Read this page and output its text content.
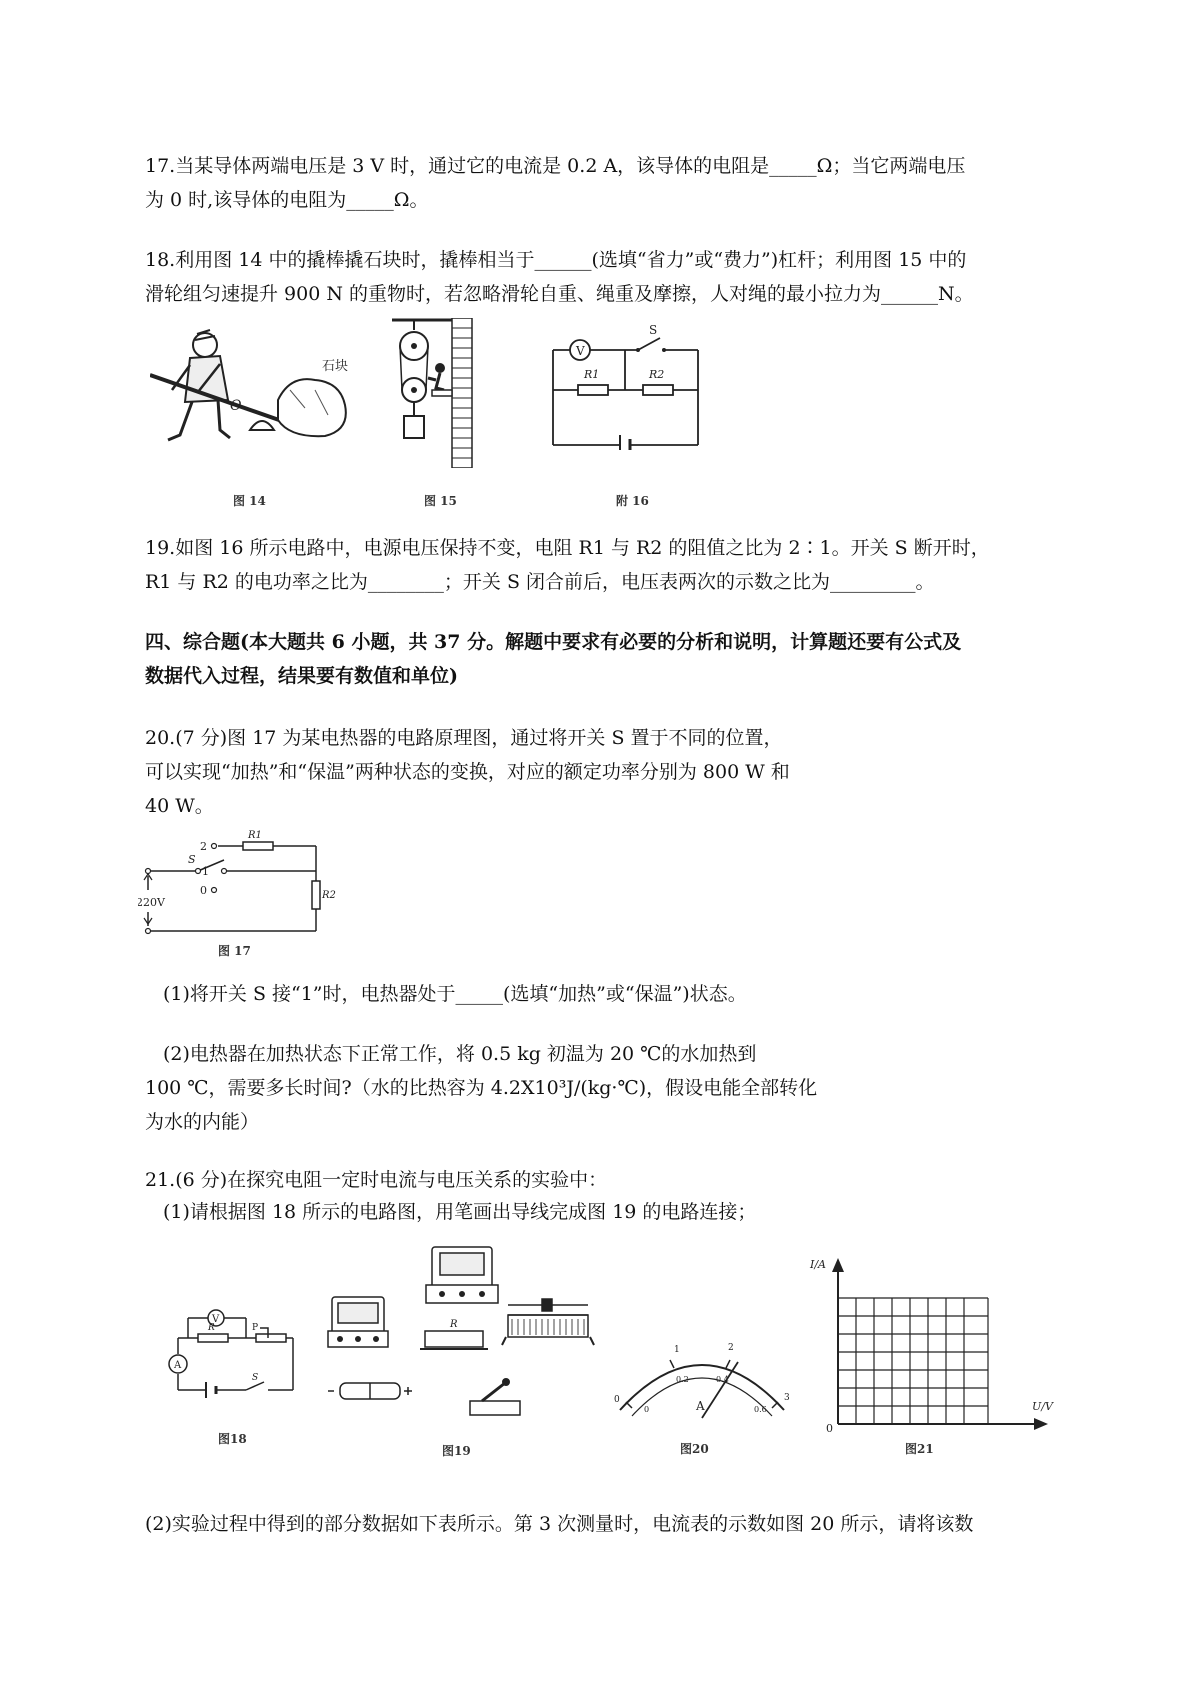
17.当某导体两端电压是 3 V 时，通过它的电流是 0.2 A，该导体的电阻是_____Ω；当它两端电压

为 0 时,该导体的电阻为_____Ω。

18.利用图 14 中的撬棒撬石块时，撬棒相当于______(选填“省力”或“费力”)杠杆；利用图 15 中的

滑轮组匀速提升 900 N 的重物时，若忽略滑轮自重、绳重及摩擦，人对绳的最小拉力为______N。

O
石块
图 14	图 15
V
S
R1	R2
附 16

19.如图 16 所示电路中，电源电压保持不变，电阻 R1 与 R2 的阻值之比为 2∶1。开关 S 断开时，

R1 与 R2 的电功率之比为________；开关 S 闭合前后，电压表两次的示数之比为_________。

四、综合题(本大题共 6 小题，共 37 分。解题中要求有必要的分析和说明，计算题还要有公式及

数据代入过程，结果要有数值和单位)

20.(7 分)图 17 为某电热器的电路原理图，通过将开关 S 置于不同的位置，

可以实现“加热”和“保温”两种状态的变换，对应的额定功率分别为 800 W 和

40 W。

2
1
0
S
R1
R2
220V
图 17

(1)将开关 S 接“1”时，电热器处于_____(选填“加热”或“保温”)状态。

(2)电热器在加热状态下正常工作，将 0.5 kg 初温为 20 ℃的水加热到

100 ℃，需要多长时间?（水的比热容为 4.2X10³J/(kg·℃)，假设电能全部转化

为水的内能）

21.(6 分)在探究电阻一定时电流与电压关系的实验中：

(1)请根据图 18 所示的电路图，用笔画出导线完成图 19 的电路连接；

V
A
R	P
S
图18
R
图19
A
0
1	2
3
0
0.2	0.4
0.6
图20
I/A
U/V
0
图21

(2)实验过程中得到的部分数据如下表所示。第 3 次测量时，电流表的示数如图 20 所示，请将该数
